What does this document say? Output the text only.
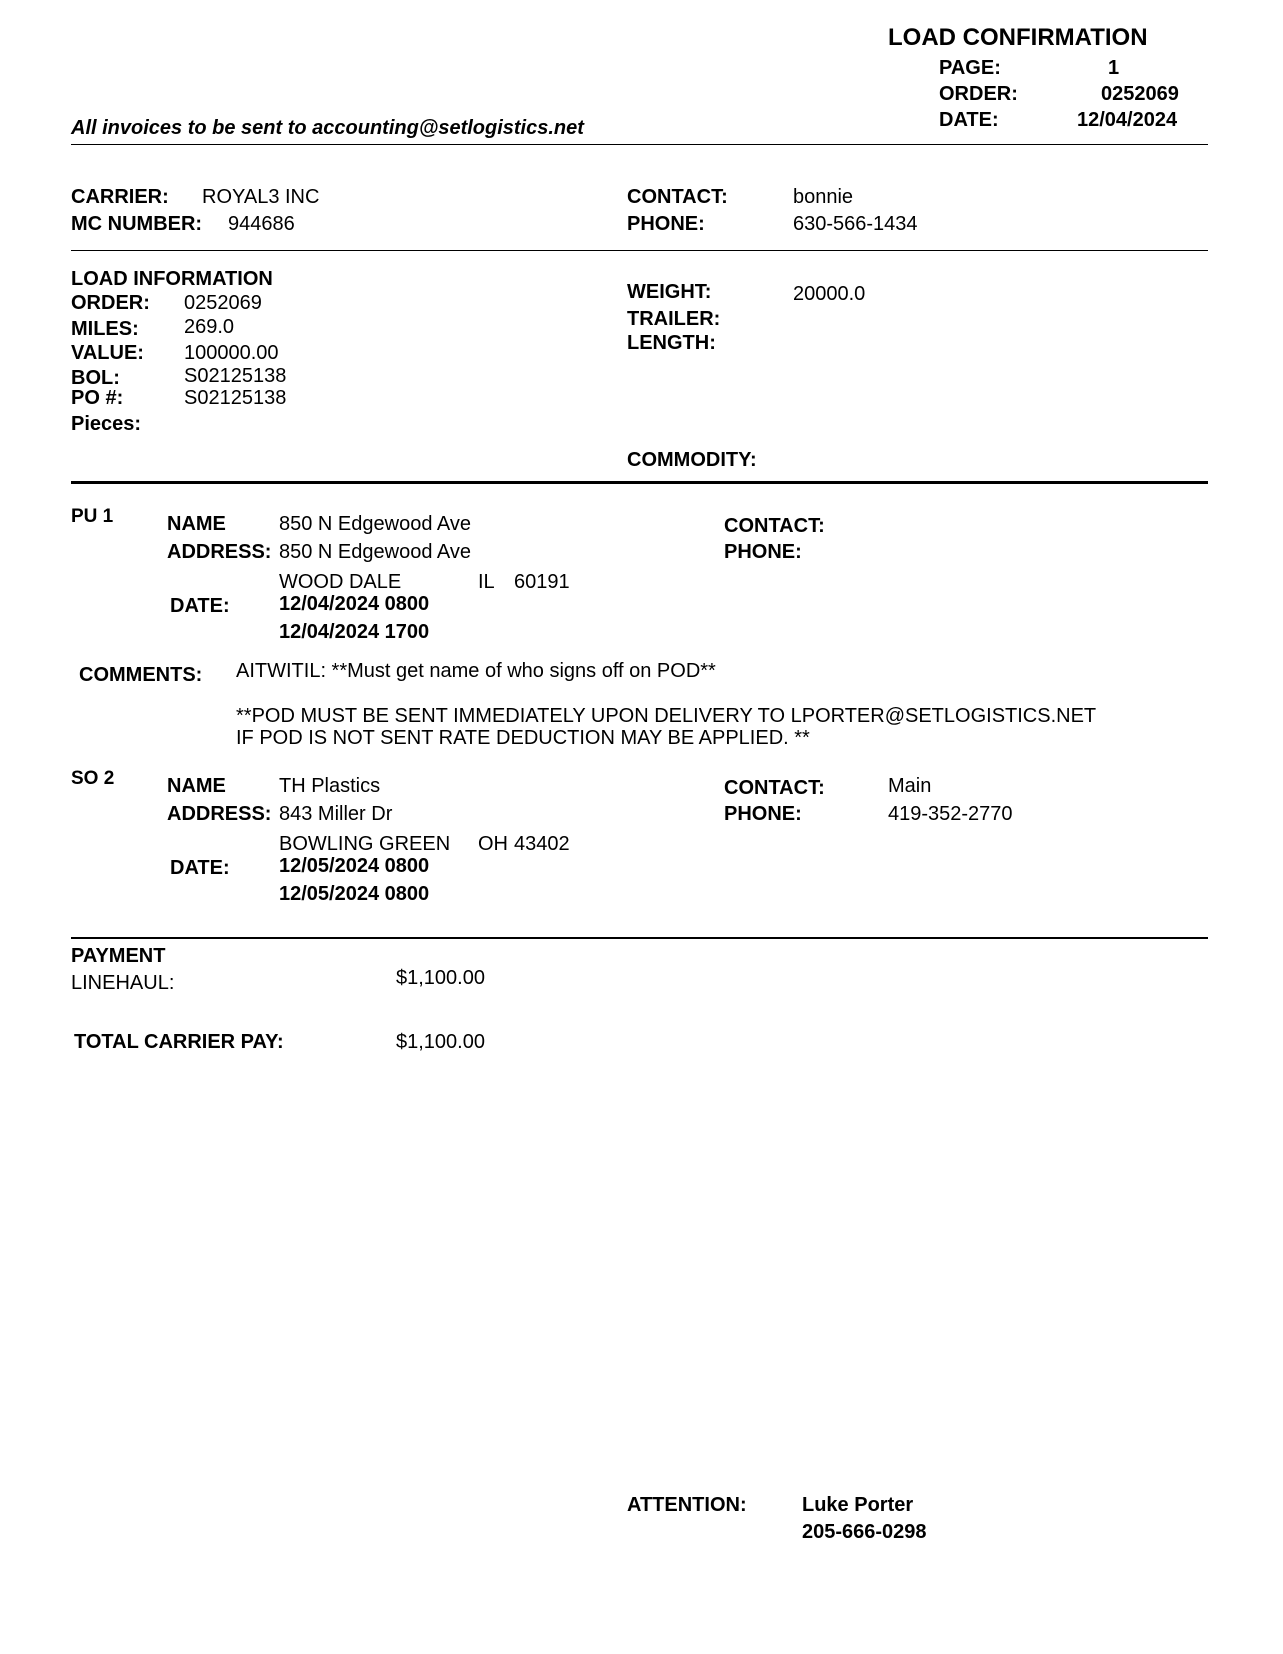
LOAD CONFIRMATION
PAGE:	1
ORDER:	0252069
DATE:	12/04/2024
All invoices to be sent to accounting@setlogistics.net
CARRIER: ROYAL3 INC
MC NUMBER: 944686
CONTACT:	bonnie
PHONE:	630-566-1434
LOAD INFORMATION
ORDER: 0252069
MILES: 269.0
VALUE: 100000.00
BOL:	S02125138
PO #:	S02125138
Pieces:
WEIGHT:	20000.0
TRAILER:
LENGTH:
COMMODITY:
PU 1	NAME	850 N Edgewood Ave
ADDRESS: 850 N Edgewood Ave
WOOD DALE	IL 60191
DATE: 12/04/2024 0800
12/04/2024 1700
CONTACT:
PHONE:
COMMENTS: AITWITIL: **Must get name of who signs off on POD**
**POD MUST BE SENT IMMEDIATELY UPON DELIVERY TO LPORTER@SETLOGISTICS.NET
IF POD IS NOT SENT RATE DEDUCTION MAY BE APPLIED. **
SO 2	NAME	TH Plastics
ADDRESS: 843 Miller Dr
BOWLING GREEN OH 43402
DATE: 12/05/2024 0800
12/05/2024 0800
CONTACT:	Main
PHONE:	419-352-2770
PAYMENT
LINEHAUL:	$1,100.00
TOTAL CARRIER PAY:	$1,100.00
ATTENTION:	Luke Porter
205-666-0298
